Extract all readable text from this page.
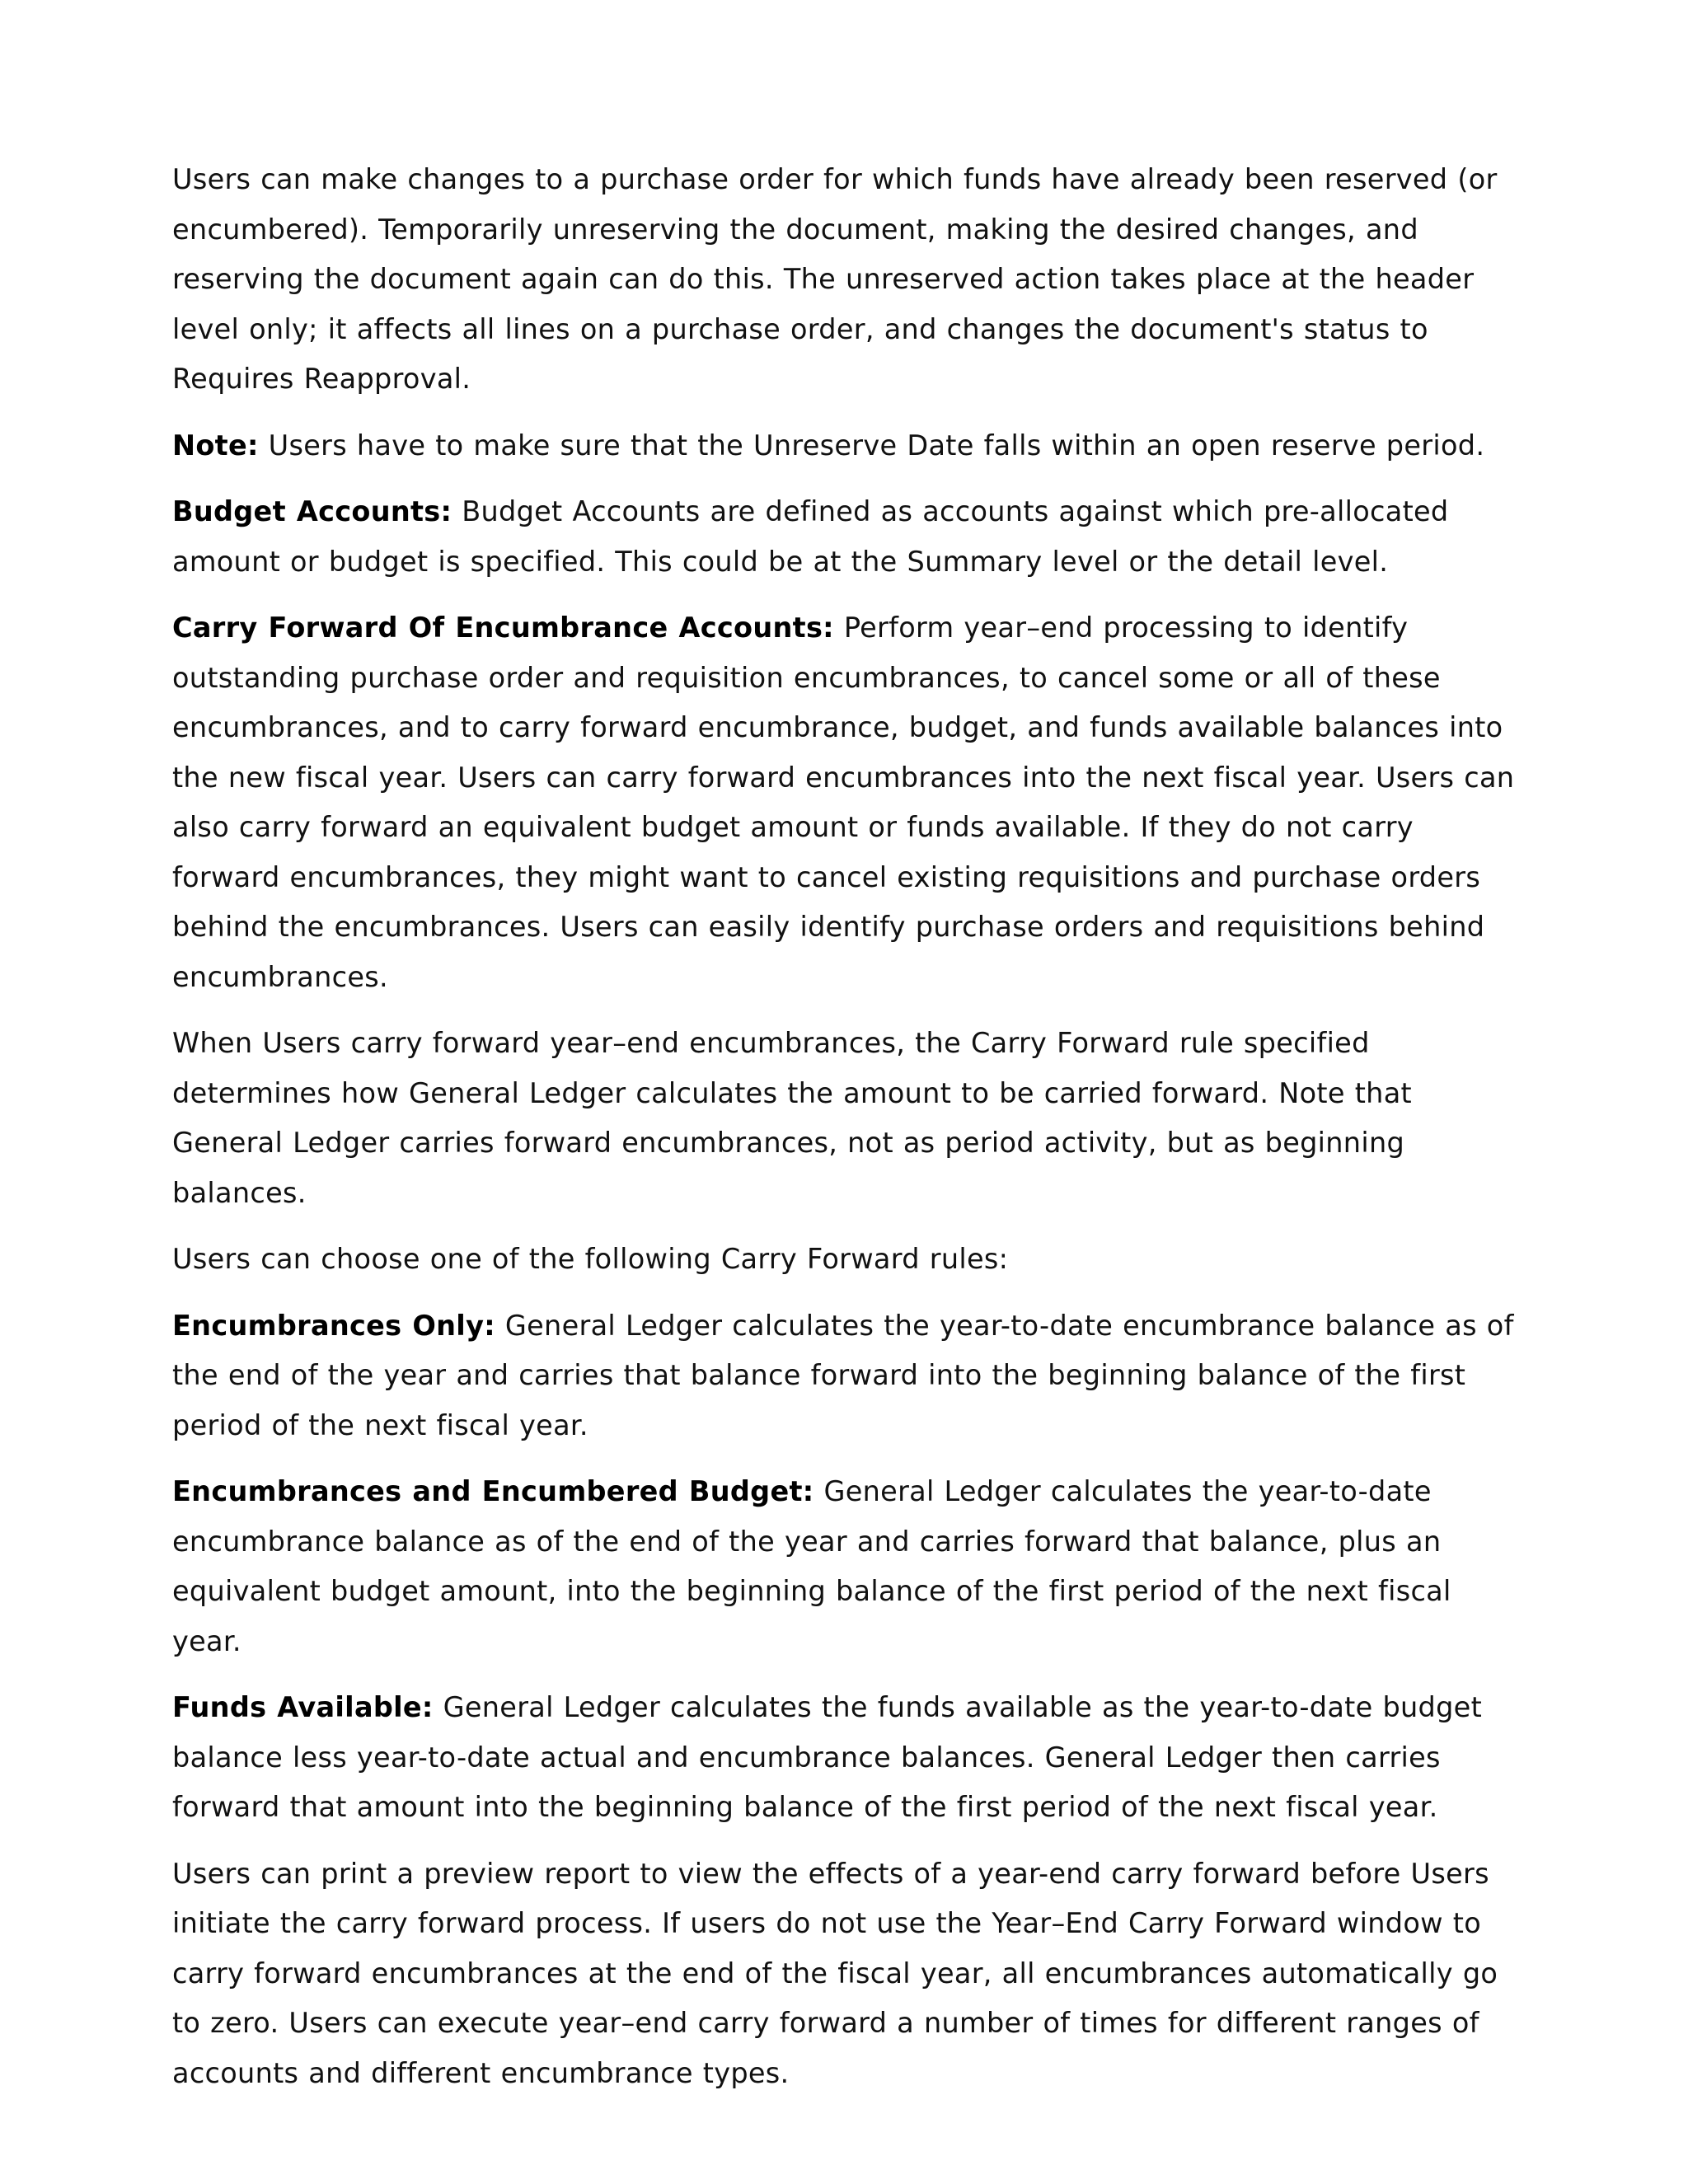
Users can make changes to a purchase order for which funds have already been reserved (or encumbered). Temporarily unreserving the document, making the desired changes, and reserving the document again can do this. The unreserved action takes place at the header level only; it affects all lines on a purchase order, and changes the document's status to Requires Reapproval.

Note: Users have to make sure that the Unreserve Date falls within an open reserve period.

Budget Accounts: Budget Accounts are defined as accounts against which pre-allocated amount or budget is specified. This could be at the Summary level or the detail level.

Carry Forward Of Encumbrance Accounts: Perform year–end processing to identify outstanding purchase order and requisition encumbrances, to cancel some or all of these encumbrances, and to carry forward encumbrance, budget, and funds available balances into the new fiscal year. Users can carry forward encumbrances into the next fiscal year. Users can also carry forward an equivalent budget amount or funds available. If they do not carry forward encumbrances, they might want to cancel existing requisitions and purchase orders behind the encumbrances. Users can easily identify purchase orders and requisitions behind encumbrances.

When Users carry forward year–end encumbrances, the Carry Forward rule specified determines how General Ledger calculates the amount to be carried forward. Note that General Ledger carries forward encumbrances, not as period activity, but as beginning balances.

Users can choose one of the following Carry Forward rules:

Encumbrances Only: General Ledger calculates the year-to-date encumbrance balance as of the end of the year and carries that balance forward into the beginning balance of the first period of the next fiscal year.

Encumbrances and Encumbered Budget: General Ledger calculates the year-to-date encumbrance balance as of the end of the year and carries forward that balance, plus an equivalent budget amount, into the beginning balance of the first period of the next fiscal year.

Funds Available: General Ledger calculates the funds available as the year-to-date budget balance less year-to-date actual and encumbrance balances. General Ledger then carries forward that amount into the beginning balance of the first period of the next fiscal year.

Users can print a preview report to view the effects of a year-end carry forward before Users initiate the carry forward process. If users do not use the Year–End Carry Forward window to carry forward encumbrances at the end of the fiscal year, all encumbrances automatically go to zero. Users can execute year–end carry forward a number of times for different ranges of accounts and different encumbrance types.
